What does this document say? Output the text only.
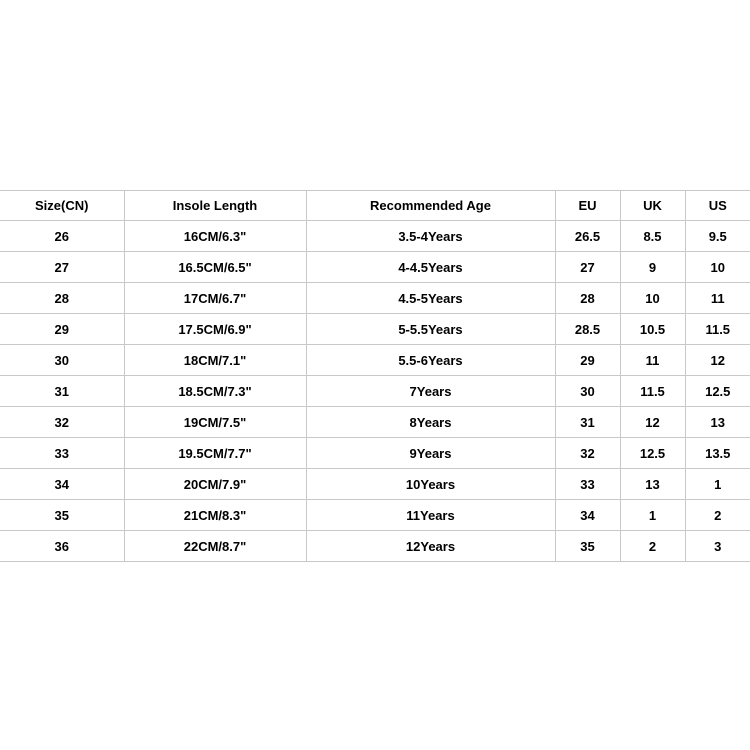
Size(CN)	Insole Length	Recommended Age	EU	UK	US
26	16CM/6.3"	3.5-4Years	26.5	8.5	9.5
27	16.5CM/6.5"	4-4.5Years	27	9	10
28	17CM/6.7"	4.5-5Years	28	10	11
29	17.5CM/6.9"	5-5.5Years	28.5	10.5	11.5
30	18CM/7.1"	5.5-6Years	29	11	12
31	18.5CM/7.3"	7Years	30	11.5	12.5
32	19CM/7.5"	8Years	31	12	13
33	19.5CM/7.7"	9Years	32	12.5	13.5
34	20CM/7.9"	10Years	33	13	1
35	21CM/8.3"	11Years	34	1	2
36	22CM/8.7"	12Years	35	2	3
